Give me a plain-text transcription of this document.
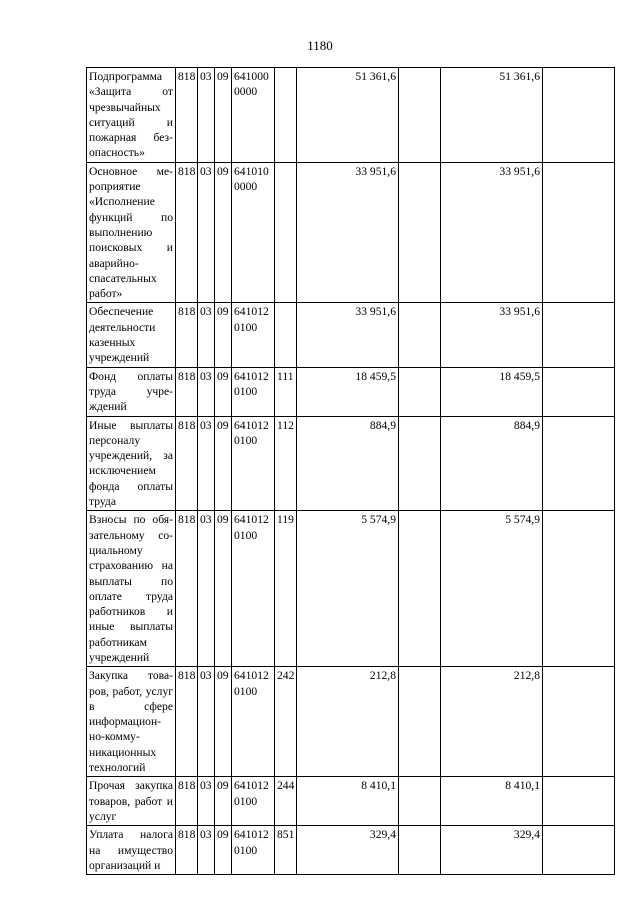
1180
Подпрограмма «Защита от чрезвычайных ситуаций и пожарная без-опасность»	818	03	09	6410000000		51 361,6		51 361,6	
Основное ме-роприятие «Исполнение функций по выполнению поисковых и аварийно-спасательных работ»	818	03	09	6410100000		33 951,6		33 951,6	
Обеспечение деятельности казенных учреждений	818	03	09	6410120100		33 951,6		33 951,6	
Фонд оплаты труда учре-ждений	818	03	09	6410120100	111	18 459,5		18 459,5	
Иные выплаты персоналу учреждений, за исключением фонда оплаты труда	818	03	09	6410120100	112	884,9		884,9	
Взносы по обя-зательному со-циальному страхованию на выплаты по оплате труда работников и иные выплаты работникам учреждений	818	03	09	6410120100	119	5 574,9		5 574,9	
Закупка това-ров, работ, услуг в сфере информацион-но-комму-никационных технологий	818	03	09	6410120100	242	212,8		212,8	
Прочая закупка товаров, работ и услуг	818	03	09	6410120100	244	8 410,1		8 410,1	
Уплата налога на имущество организаций и	818	03	09	6410120100	851	329,4		329,4	
